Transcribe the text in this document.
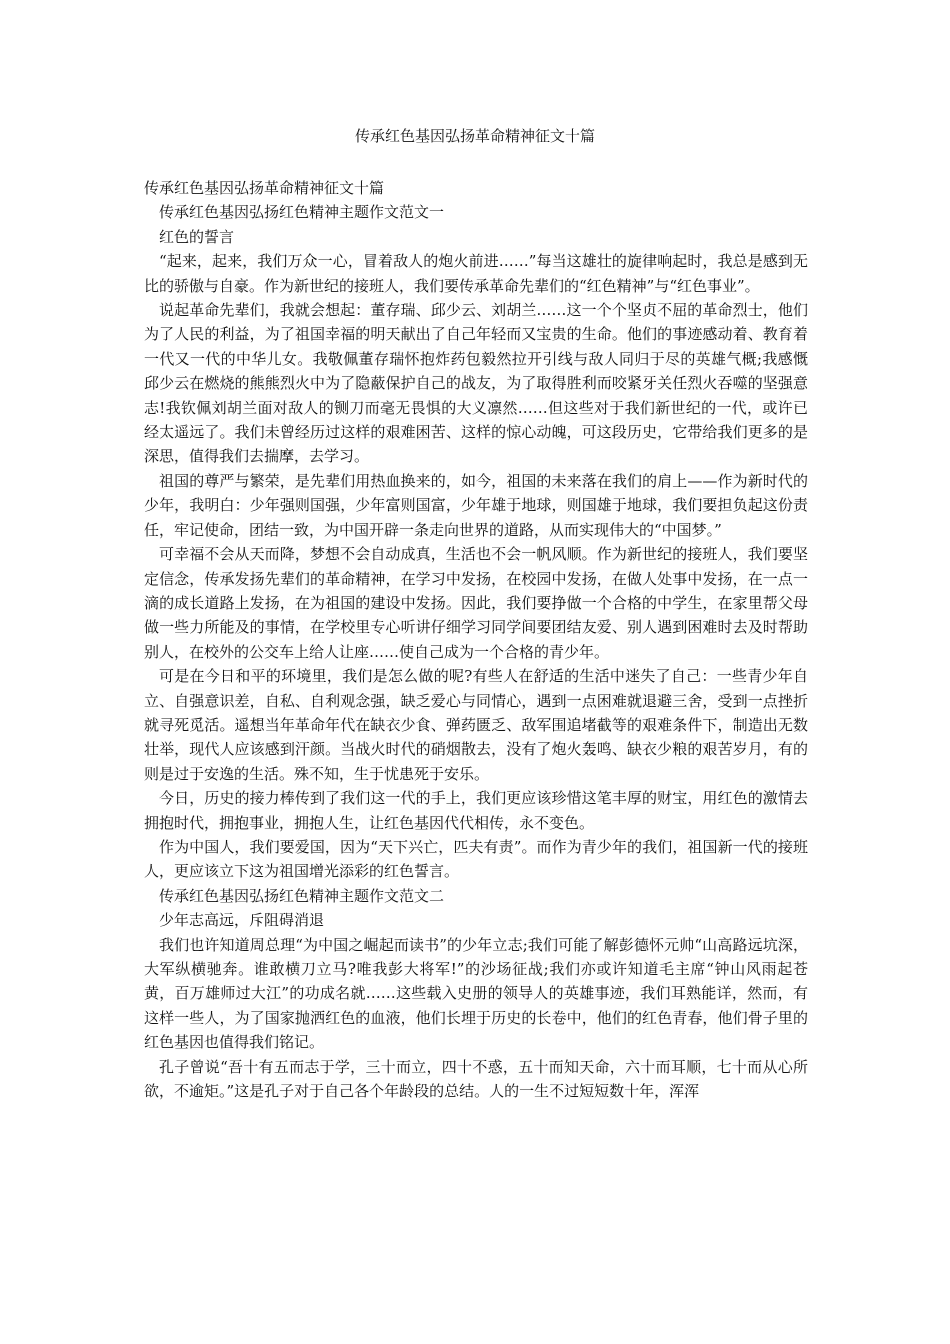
传承红色基因弘扬革命精神征文十篇

传承红色基因弘扬革命精神征文十篇

传承红色基因弘扬红色精神主题作文范文一

红色的誓言

“起来，起来，我们万众一心，冒着敌人的炮火前进……”每当这雄壮的旋律响起时，我总是感到无比的骄傲与自豪。作为新世纪的接班人，我们要传承革命先辈们的“红色精神”与“红色事业”。

说起革命先辈们，我就会想起：董存瑞、邱少云、刘胡兰……这一个个坚贞不屈的革命烈士，他们为了人民的利益，为了祖国幸福的明天献出了自己年轻而又宝贵的生命。他们的事迹感动着、教育着一代又一代的中华儿女。我敬佩董存瑞怀抱炸药包毅然拉开引线与敌人同归于尽的英雄气概;我感慨邱少云在燃烧的熊熊烈火中为了隐蔽保护自己的战友，为了取得胜利而咬紧牙关任烈火吞噬的坚强意志!我钦佩刘胡兰面对敌人的铡刀而毫无畏惧的大义凛然……但这些对于我们新世纪的一代，或许已经太遥远了。我们未曾经历过这样的艰难困苦、这样的惊心动魄，可这段历史，它带给我们更多的是深思，值得我们去揣摩，去学习。

祖国的尊严与繁荣，是先辈们用热血换来的，如今，祖国的未来落在我们的肩上——作为新时代的少年，我明白：少年强则国强，少年富则国富，少年雄于地球，则国雄于地球，我们要担负起这份责任，牢记使命，团结一致，为中国开辟一条走向世界的道路，从而实现伟大的“中国梦。”

可幸福不会从天而降，梦想不会自动成真，生活也不会一帆风顺。作为新世纪的接班人，我们要坚定信念，传承发扬先辈们的革命精神，在学习中发扬，在校园中发扬，在做人处事中发扬，在一点一滴的成长道路上发扬，在为祖国的建设中发扬。因此，我们要挣做一个合格的中学生，在家里帮父母做一些力所能及的事情，在学校里专心听讲仔细学习同学间要团结友爱、别人遇到困难时去及时帮助别人，在校外的公交车上给人让座……使自己成为一个合格的青少年。

可是在今日和平的环境里，我们是怎么做的呢?有些人在舒适的生活中迷失了自己：一些青少年自立、自强意识差，自私、自利观念强，缺乏爱心与同情心，遇到一点困难就退避三舍，受到一点挫折就寻死觅活。遥想当年革命年代在缺衣少食、弹药匮乏、敌军围追堵截等的艰难条件下，制造出无数壮举，现代人应该感到汗颜。当战火时代的硝烟散去，没有了炮火轰鸣、缺衣少粮的艰苦岁月，有的则是过于安逸的生活。殊不知，生于忧患死于安乐。

今日，历史的接力棒传到了我们这一代的手上，我们更应该珍惜这笔丰厚的财宝，用红色的激情去拥抱时代，拥抱事业，拥抱人生，让红色基因代代相传，永不变色。

作为中国人，我们要爱国，因为“天下兴亡，匹夫有责”。而作为青少年的我们，祖国新一代的接班人，更应该立下这为祖国增光添彩的红色誓言。

传承红色基因弘扬红色精神主题作文范文二

少年志高远，斥阻碍消退

我们也许知道周总理“为中国之崛起而读书”的少年立志;我们可能了解彭德怀元帅“山高路远坑深，大军纵横驰奔。谁敢横刀立马?唯我彭大将军!”的沙场征战;我们亦或许知道毛主席“钟山风雨起苍黄，百万雄师过大江”的功成名就……这些载入史册的领导人的英雄事迹，我们耳熟能详，然而，有这样一些人，为了国家抛洒红色的血液，他们长埋于历史的长卷中，他们的红色青春，他们骨子里的红色基因也值得我们铭记。

孔子曾说“吾十有五而志于学，三十而立，四十不惑，五十而知天命，六十而耳顺，七十而从心所欲，不逾矩。”这是孔子对于自己各个年龄段的总结。人的一生不过短短数十年，浑浑
